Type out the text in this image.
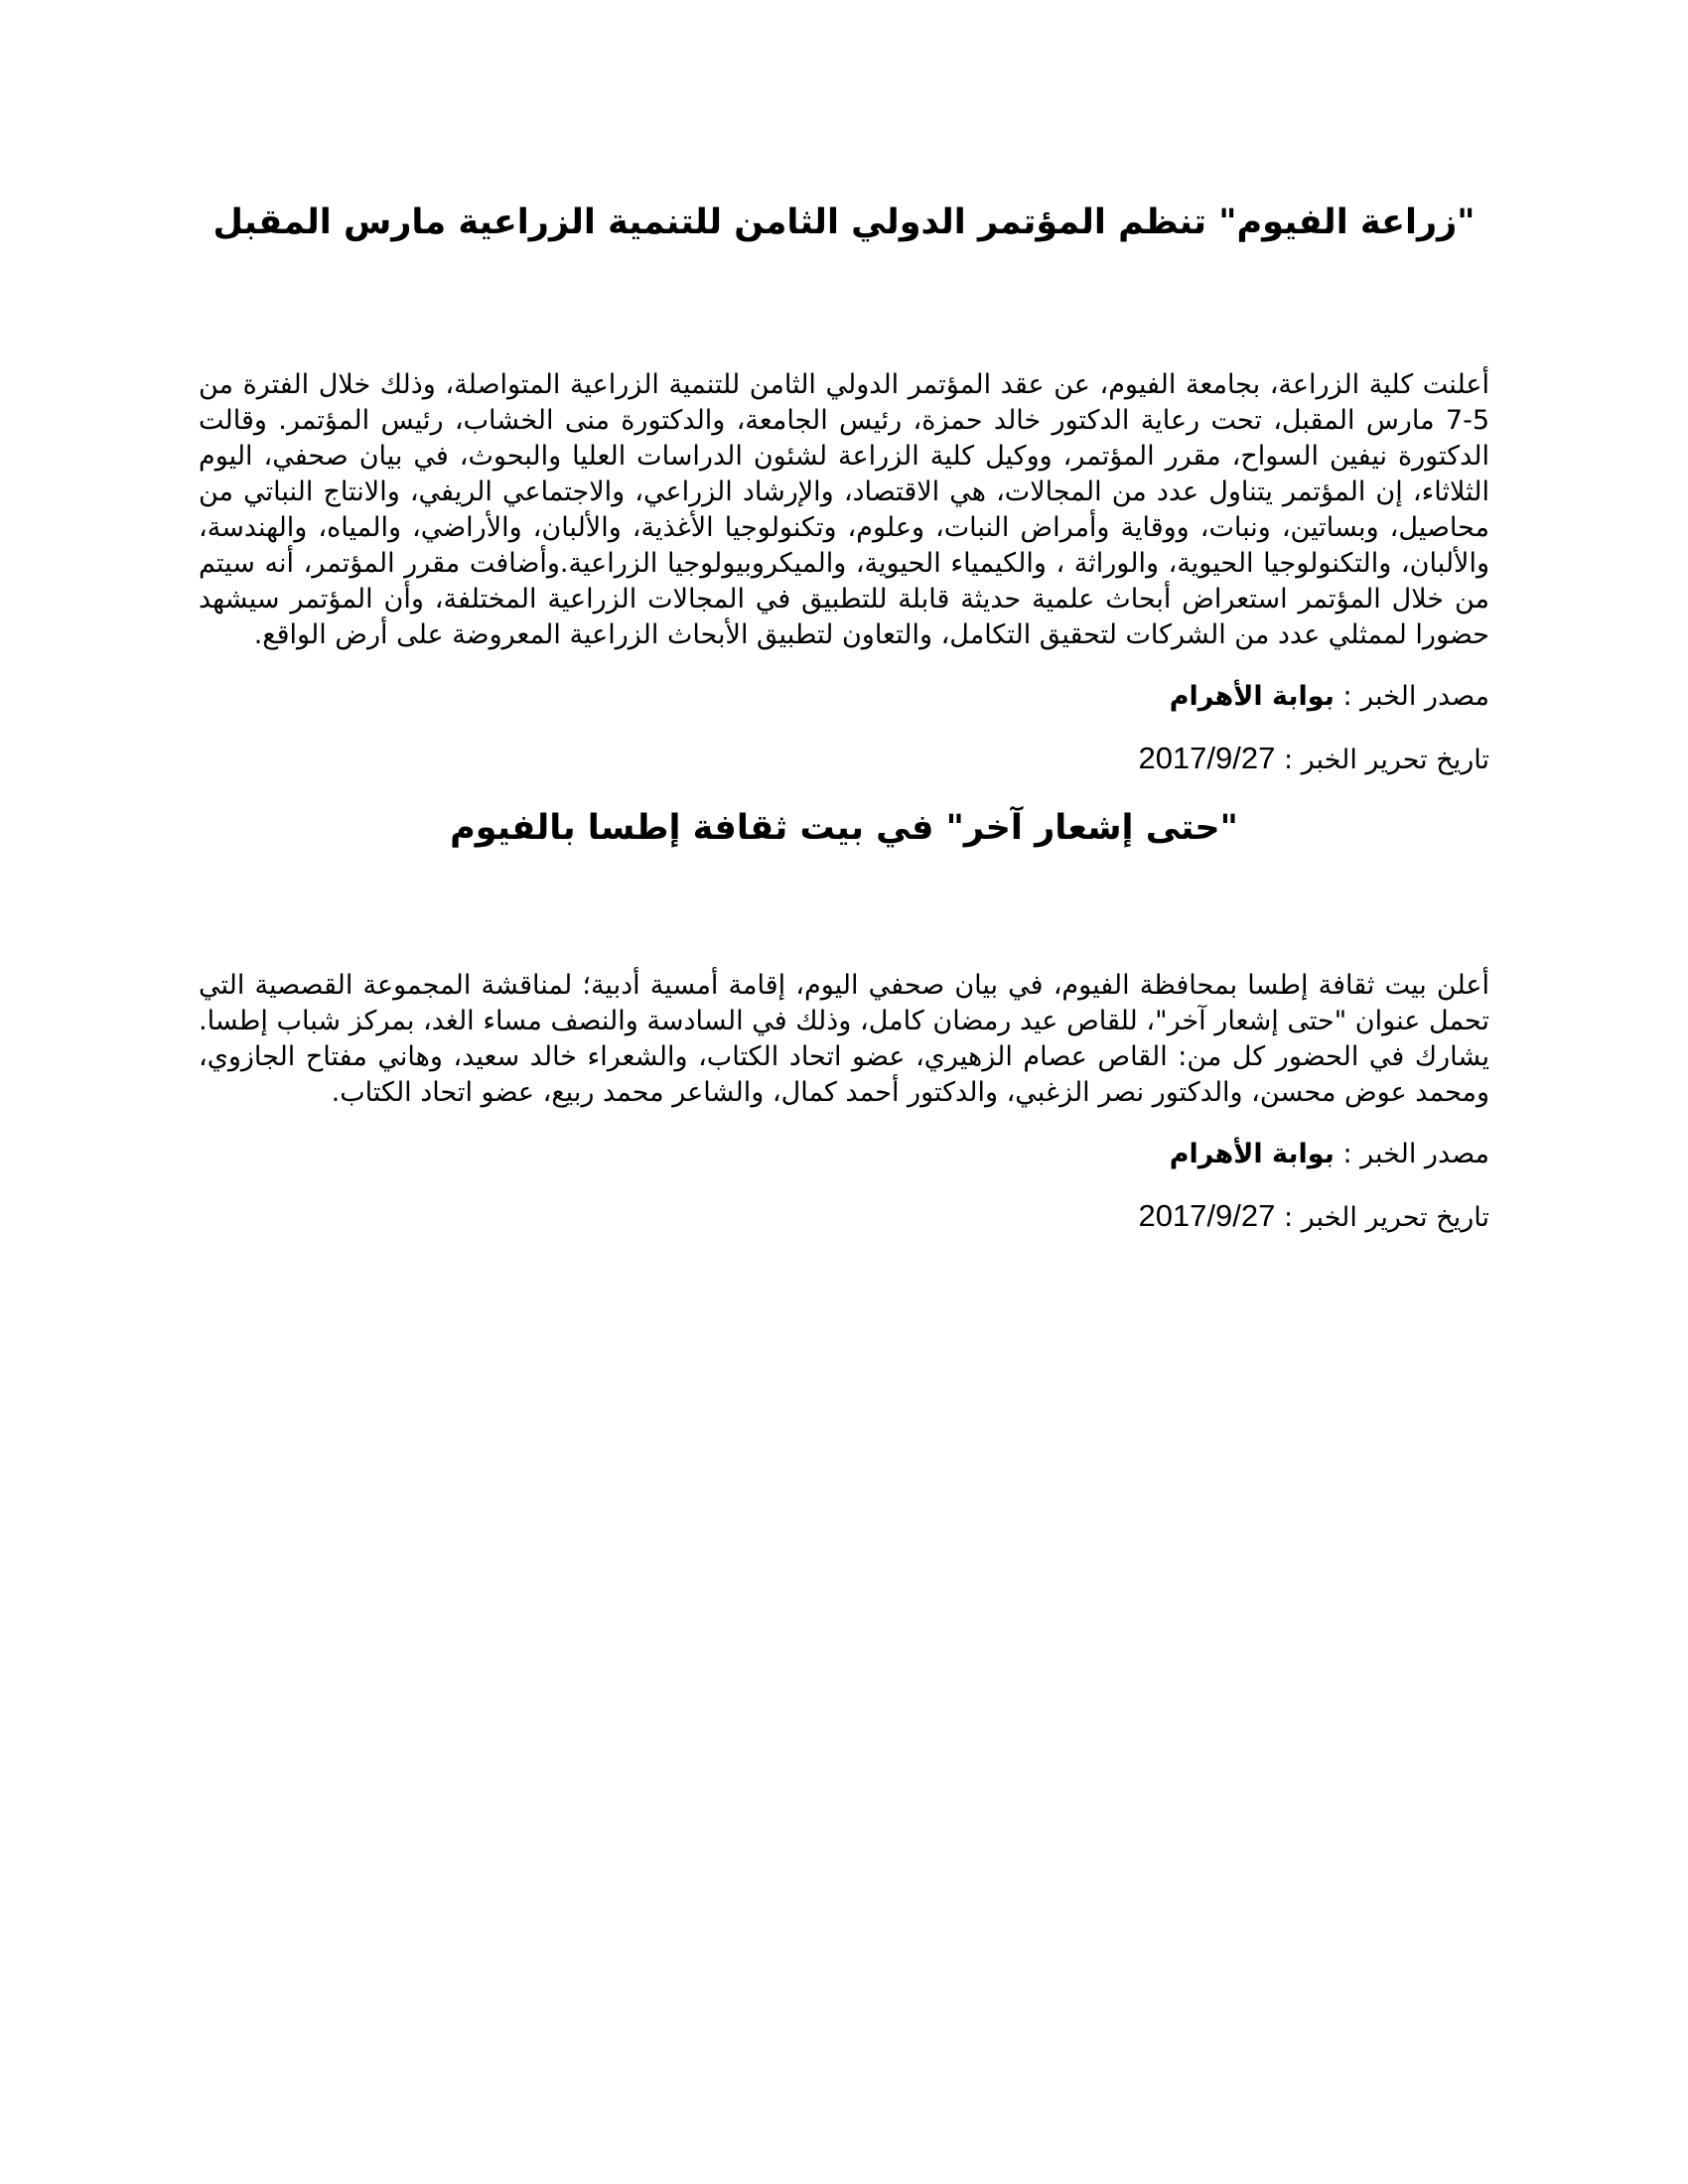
"زراعة الفيوم" تنظم المؤتمر الدولي الثامن للتنمية الزراعية مارس المقبل

أعلنت كلية الزراعة، بجامعة الفيوم، عن عقد المؤتمر الدولي الثامن للتنمية الزراعية المتواصلة، وذلك خلال الفترة من 5-7 مارس المقبل، تحت رعاية الدكتور خالد حمزة، رئيس الجامعة، والدكتورة منى الخشاب، رئيس المؤتمر. وقالت الدكتورة نيفين السواح، مقرر المؤتمر، ووكيل كلية الزراعة لشئون الدراسات العليا والبحوث، في بيان صحفي، اليوم الثلاثاء، إن المؤتمر يتناول عدد من المجالات، هي الاقتصاد، والإرشاد الزراعي، والاجتماعي الريفي، والانتاج النباتي من محاصيل، وبساتين، ونبات، ووقاية وأمراض النبات، وعلوم، وتكنولوجيا الأغذية، والألبان، والأراضي، والمياه، والهندسة، والألبان، والتكنولوجيا الحيوية، والوراثة ، والكيمياء الحيوية، والميكروبيولوجيا الزراعية.وأضافت مقرر المؤتمر، أنه سيتم من خلال المؤتمر استعراض أبحاث علمية حديثة قابلة للتطبيق في المجالات الزراعية المختلفة، وأن المؤتمر سيشهد حضورا لممثلي عدد من الشركات لتحقيق التكامل، والتعاون لتطبيق الأبحاث الزراعية المعروضة على أرض الواقع.

مصدر الخبر : بوابة الأهرام

تاريخ تحرير الخبر : 2017/9/27

"حتى إشعار آخر" في بيت ثقافة إطسا بالفيوم

أعلن بيت ثقافة إطسا بمحافظة الفيوم، في بيان صحفي اليوم، إقامة أمسية أدبية؛ لمناقشة المجموعة القصصية التي تحمل عنوان "حتى إشعار آخر"، للقاص عيد رمضان كامل، وذلك في السادسة والنصف مساء الغد، بمركز شباب إطسا. يشارك في الحضور كل من: القاص عصام الزهيري، عضو اتحاد الكتاب، والشعراء خالد سعيد، وهاني مفتاح الجازوي، ومحمد عوض محسن، والدكتور نصر الزغبي، والدكتور أحمد كمال، والشاعر محمد ربيع، عضو اتحاد الكتاب.

مصدر الخبر : بوابة الأهرام

تاريخ تحرير الخبر : 2017/9/27
